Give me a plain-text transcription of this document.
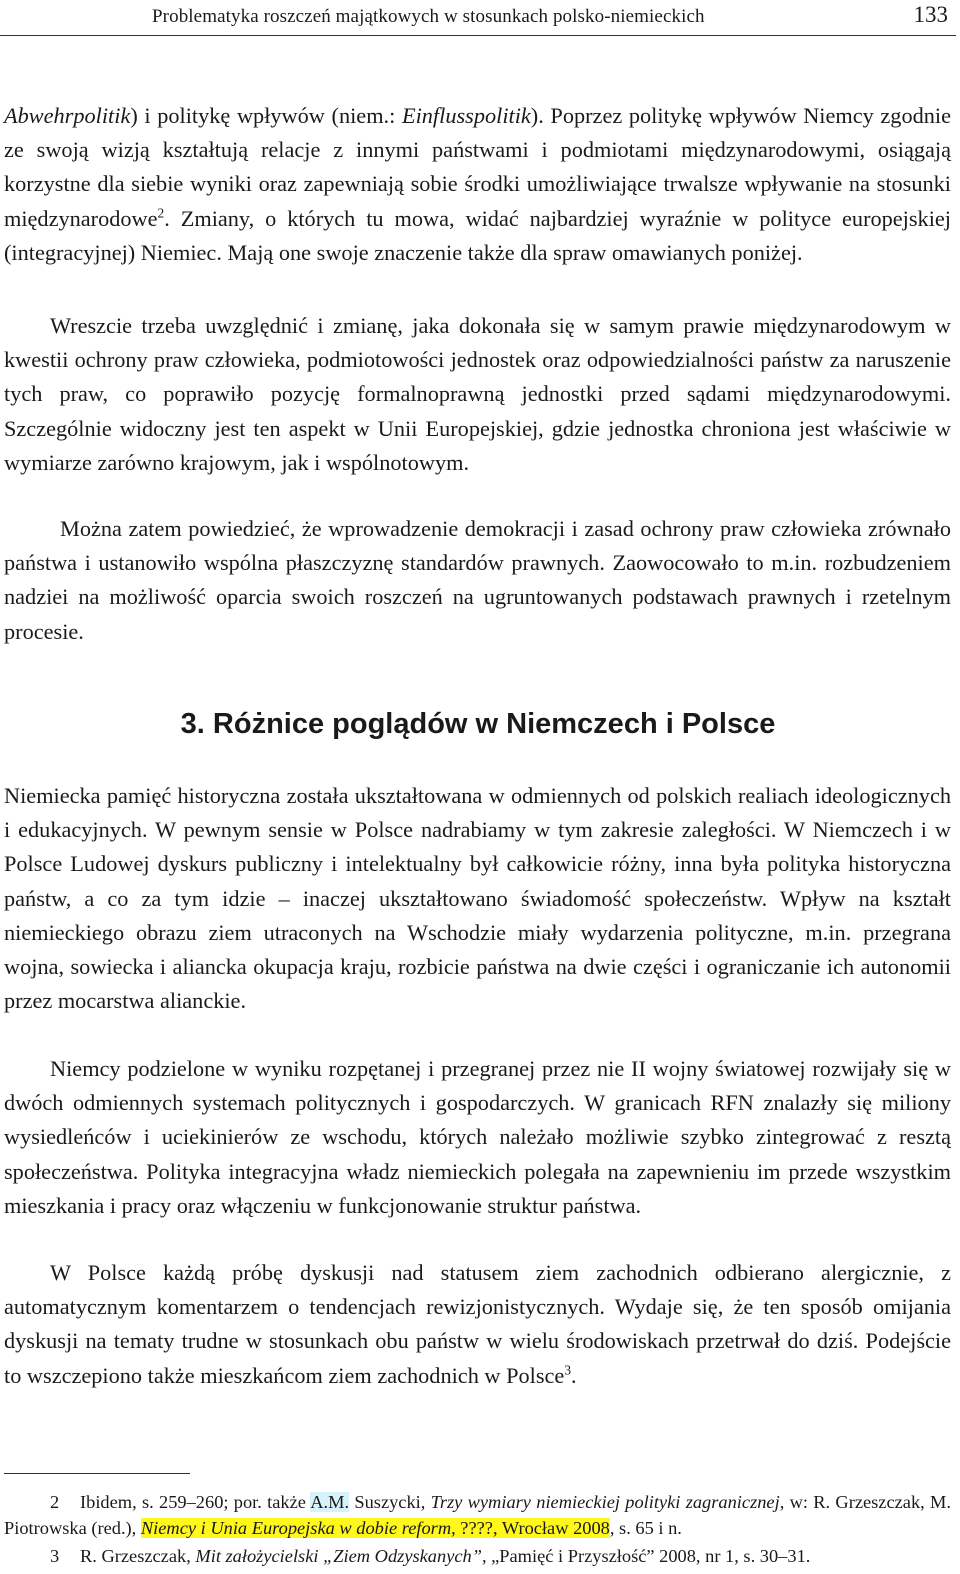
Problematyka roszczeń majątkowych w stosunkach polsko-niemieckich	133

Abwehrpolitik) i politykę wpływów (niem.: Einflusspolitik). Poprzez politykę wpływów Niemcy zgodnie ze swoją wizją kształtują relacje z innymi państwami i podmiotami międzynarodowymi, osiągają korzystne dla siebie wyniki oraz zapewniają sobie środki umożliwiające trwalsze wpływanie na stosunki międzynarodowe$^2$. Zmiany, o których tu mowa, widać najbardziej wyraźnie w polityce europejskiej (integracyjnej) Niemiec. Mają one swoje znaczenie także dla spraw omawianych poniżej.

Wreszcie trzeba uwzględnić i zmianę, jaka dokonała się w samym prawie międzynarodowym w kwestii ochrony praw człowieka, podmiotowości jednostek oraz odpowiedzialności państw za naruszenie tych praw, co poprawiło pozycję formalnoprawną jednostki przed sądami międzynarodowymi. Szczególnie widoczny jest ten aspekt w Unii Europejskiej, gdzie jednostka chroniona jest właściwie w wymiarze zarówno krajowym, jak i wspólnotowym.

Można zatem powiedzieć, że wprowadzenie demokracji i zasad ochrony praw człowieka zrównało państwa i ustanowiło wspólna płaszczyznę standardów prawnych. Zaowocowało to m.in. rozbudzeniem nadziei na możliwość oparcia swoich roszczeń na ugruntowanych podstawach prawnych i rzetelnym procesie.

3. Różnice poglądów w Niemczech i Polsce

Niemiecka pamięć historyczna została ukształtowana w odmiennych od polskich realiach ideologicznych i edukacyjnych. W pewnym sensie w Polsce nadrabiamy w tym zakresie zaległości. W Niemczech i w Polsce Ludowej dyskurs publiczny i intelektualny był całkowicie różny, inna była polityka historyczna państw, a co za tym idzie – inaczej ukształtowano świadomość społeczeństw. Wpływ na kształt niemieckiego obrazu ziem utraconych na Wschodzie miały wydarzenia polityczne, m.in. przegrana wojna, sowiecka i aliancka okupacja kraju, rozbicie państwa na dwie części i ograniczanie ich autonomii przez mocarstwa alianckie.

Niemcy podzielone w wyniku rozpętanej i przegranej przez nie II wojny światowej rozwijały się w dwóch odmiennych systemach politycznych i gospodarczych. W granicach RFN znalazły się miliony wysiedleńców i uciekinierów ze wschodu, których należało możliwie szybko zintegrować z resztą społeczeństwa. Polityka integracyjna władz niemieckich polegała na zapewnieniu im przede wszystkim mieszkania i pracy oraz włączeniu w funkcjonowanie struktur państwa.

W Polsce każdą próbę dyskusji nad statusem ziem zachodnich odbierano alergicznie, z automatycznym komentarzem o tendencjach rewizjonistycznych. Wydaje się, że ten sposób omijania dyskusji na tematy trudne w stosunkach obu państw w wielu środowiskach przetrwał do dziś. Podejście to wszczepiono także mieszkańcom ziem zachodnich w Polsce$^3$.

2 Ibidem, s. 259–260; por. także A.M. Suszycki, Trzy wymiary niemieckiej polityki zagranicznej, w: R. Grzeszczak, M. Piotrowska (red.), Niemcy i Unia Europejska w dobie reform, ????, Wrocław 2008, s. 65 i n.

3 R. Grzeszczak, Mit założycielski „Ziem Odzyskanych”, „Pamięć i Przyszłość” 2008, nr 1, s. 30–31.
